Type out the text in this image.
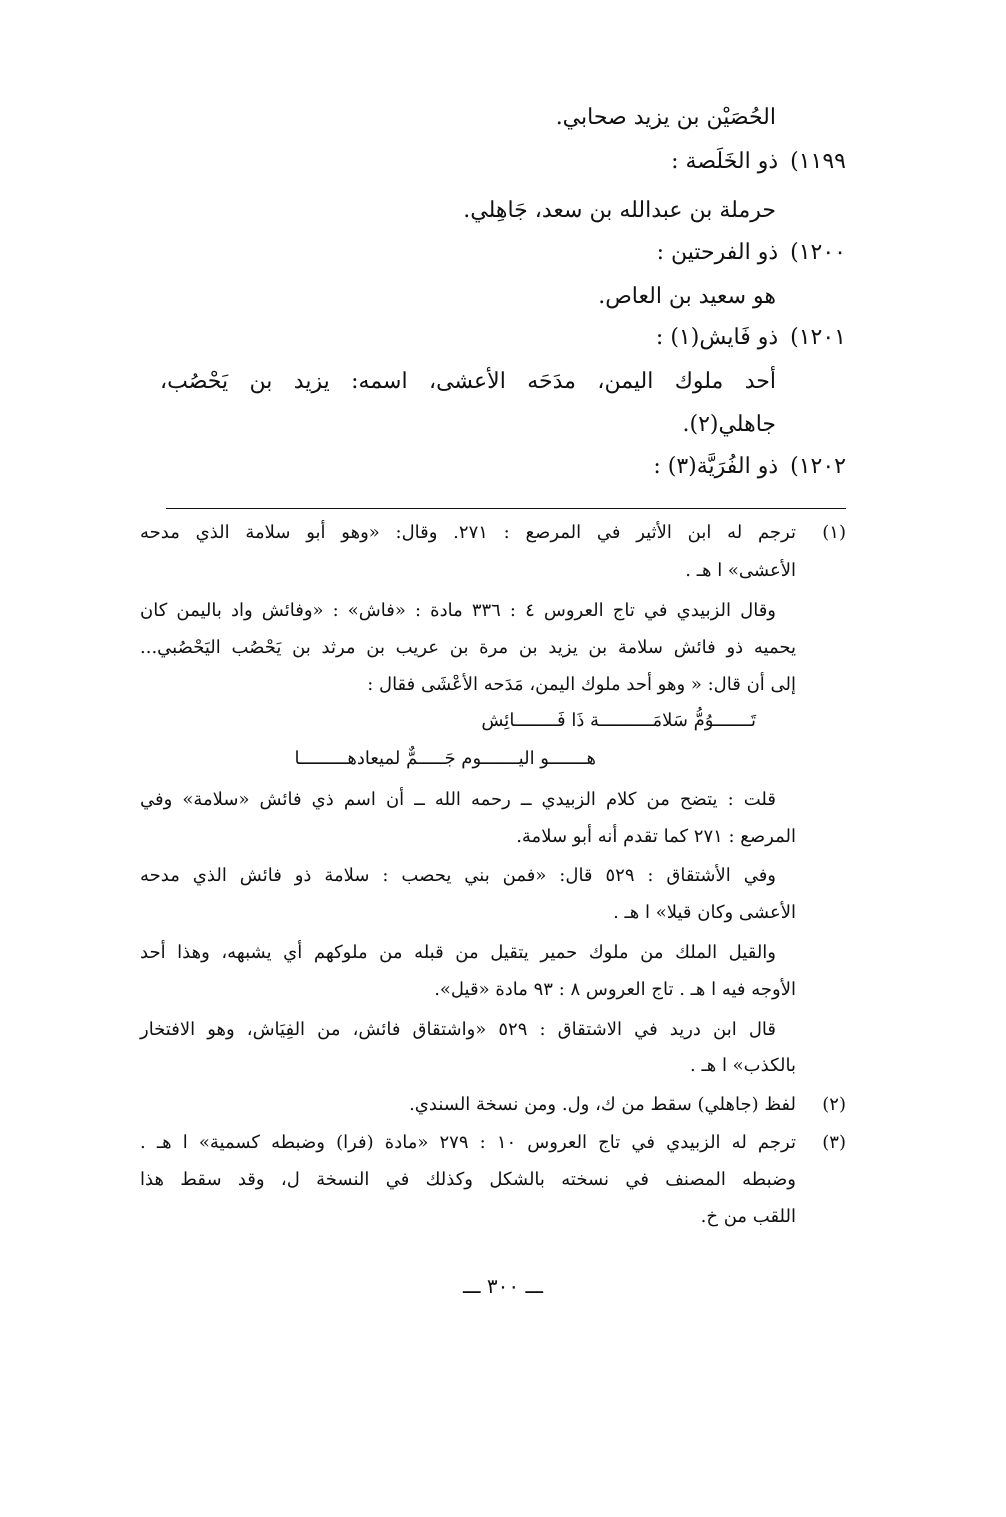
الحُصَيْن بن يزيد صحابي.
١١٩٩)ذو الخَلَصة :
حرملة بن عبدالله بن سعد، جَاهِلي.
١٢٠٠)ذو الفرحتين :
هو سعيد بن العاص.
١٢٠١)ذو فَايش(١) :
أحد ملوك اليمن، مدَحَه الأعشى، اسمه: يزيد بن يَحْصُب،
جاهلي(٢).
١٢٠٢)ذو الفُرَيَّة(٣) :
(١)
ترجم له ابن الأثير في المرصع : ٢٧١. وقال: «وهو أبو سلامة الذي مدحه
الأعشى» ا هـ .
وقال الزبيدي في تاج العروس ٤ : ٣٣٦ مادة : «فاش» : «وفائش واد باليمن كان
يحميه ذو فائش سلامة بن يزيد بن مرة بن عريب بن مرثد بن يَحْصُب اليَحْصُبي...
إلى أن قال: « وهو أحد ملوك اليمن، مَدَحه الأعْشَى فقال :
تَـــــــوُمُّ سَلامَــــــــــة ذَا فَــــــــائِش
هـــــــو اليـــــــوم جَـــــمٌّ لميعادهـــــــــا
قلت : يتضح من كلام الزبيدي ــ رحمه الله ــ أن اسم ذي فائش «سلامة» وفي
المرصع : ٢٧١ كما تقدم أنه أبو سلامة.
وفي الأشتقاق : ٥٢٩ قال: «فمن بني يحصب : سلامة ذو فائش الذي مدحه
الأعشى وكان قيلا» ا هـ .
والقيل الملك من ملوك حمير يتقيل من قبله من ملوكهم أي يشبهه، وهذا أحد
الأوجه فيه ا هـ . تاج العروس ٨ : ٩٣ مادة «قيل».
قال ابن دريد في الاشتقاق : ٥٢٩ «واشتقاق فائش، من الفِيَاش، وهو الافتخار
بالكذب» ا هـ .
(٢)
لفظ (جاهلي) سقط من ك، ول. ومن نسخة السندي.
(٣)
ترجم له الزبيدي في تاج العروس ١٠ : ٢٧٩ «مادة (فرا) وضبطه كسمية» ا هـ .
وضبطه المصنف في نسخته بالشكل وكذلك في النسخة ل، وقد سقط هذا
اللقب من خ.
ـــ ٣٠٠ ـــ
